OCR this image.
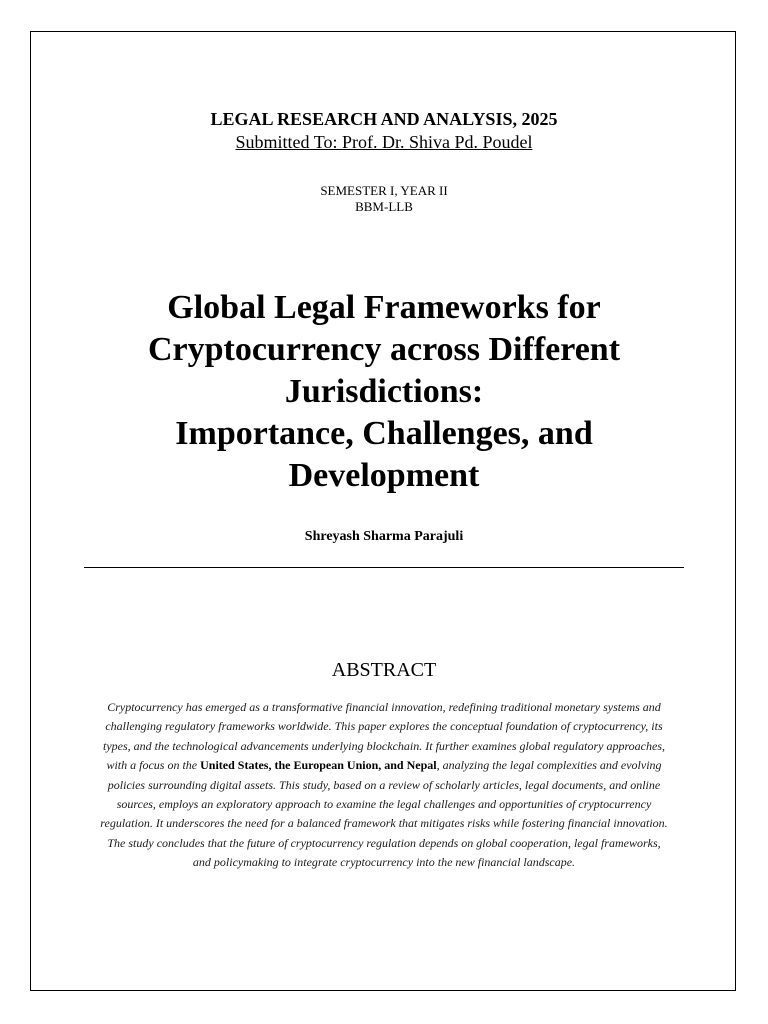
LEGAL RESEARCH AND ANALYSIS, 2025
Submitted To: Prof. Dr. Shiva Pd. Poudel
SEMESTER I, YEAR II
BBM-LLB
Global Legal Frameworks for
Cryptocurrency across Different
Jurisdictions:
Importance, Challenges, and
Development
Shreyash Sharma Parajuli
ABSTRACT
Cryptocurrency has emerged as a transformative financial innovation, redefining traditional monetary systems and
challenging regulatory frameworks worldwide. This paper explores the conceptual foundation of cryptocurrency, its
types, and the technological advancements underlying blockchain. It further examines global regulatory approaches,
with a focus on the United States, the European Union, and Nepal, analyzing the legal complexities and evolving
policies surrounding digital assets. This study, based on a review of scholarly articles, legal documents, and online
sources, employs an exploratory approach to examine the legal challenges and opportunities of cryptocurrency
regulation. It underscores the need for a balanced framework that mitigates risks while fostering financial innovation.
The study concludes that the future of cryptocurrency regulation depends on global cooperation, legal frameworks,
and policymaking to integrate cryptocurrency into the new financial landscape.
